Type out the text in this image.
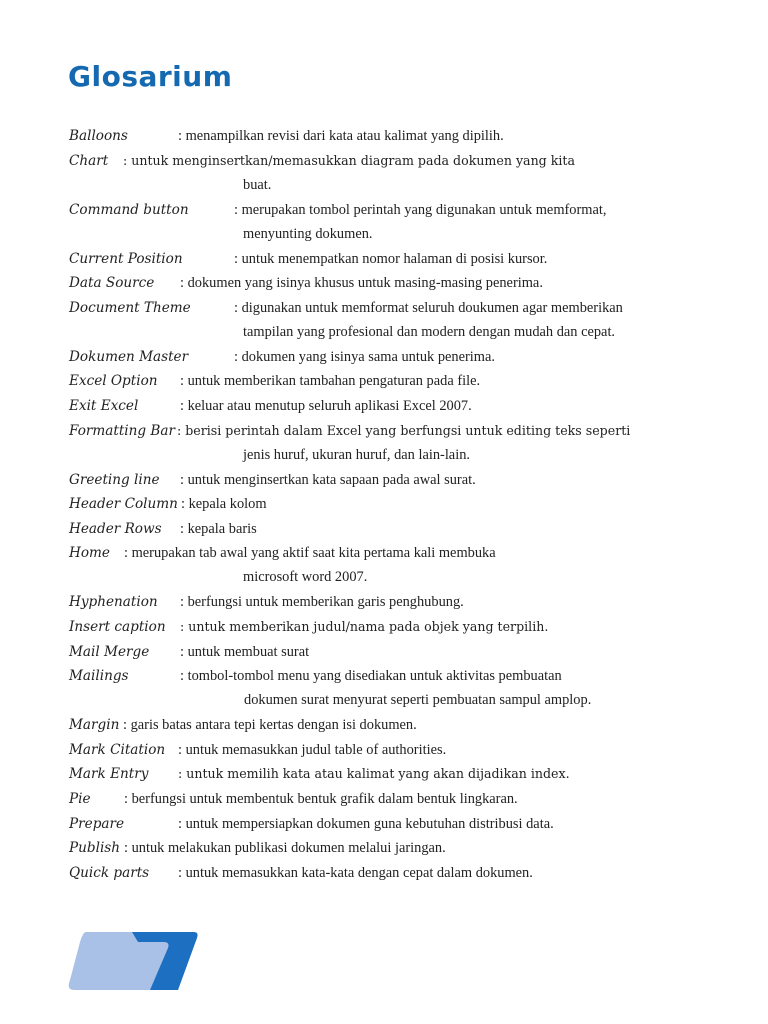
Glosarium
Balloons	: menampilkan revisi dari kata atau kalimat yang dipilih.
Chart : untuk menginsertkan/memasukkan diagram pada dokumen yang kita
buat.
Command button	: merupakan tombol perintah yang digunakan untuk memformat,
menyunting dokumen.
Current Position	: untuk menempatkan nomor halaman di posisi kursor.
Data Source : dokumen yang isinya khusus untuk masing-masing penerima.
Document Theme	: digunakan untuk memformat seluruh doukumen agar memberikan
tampilan yang profesional dan modern dengan mudah dan cepat.
Dokumen Master	: dokumen yang isinya sama untuk penerima.
Excel Option : untuk memberikan tambahan pengaturan pada file.
Exit Excel	: keluar atau menutup seluruh aplikasi Excel 2007.
Formatting Bar : berisi perintah dalam Excel yang berfungsi untuk editing teks seperti
jenis huruf, ukuran huruf, dan lain-lain.
Greeting line : untuk menginsertkan kata sapaan pada awal surat.
Header Column : kepala kolom
Header Rows : kepala baris
Home : merupakan tab awal yang aktif saat kita pertama kali membuka
microsoft word 2007.
Hyphenation : berfungsi untuk memberikan garis penghubung.
Insert caption : untuk memberikan judul/nama pada objek yang terpilih.
Mail Merge : untuk membuat surat
Mailings	: tombol-tombol menu yang disediakan untuk aktivitas pembuatan
dokumen surat menyurat seperti pembuatan sampul amplop.
Margin : garis batas antara tepi kertas dengan isi dokumen.
Mark Citation : untuk memasukkan judul table of authorities.
Mark Entry : untuk memilih kata atau kalimat yang akan dijadikan index.
Pie : berfungsi untuk membentuk bentuk grafik dalam bentuk lingkaran.
Prepare	: untuk mempersiapkan dokumen guna kebutuhan distribusi data.
Publish : untuk melakukan publikasi dokumen melalui jaringan.
Quick parts : untuk memasukkan kata-kata dengan cepat dalam dokumen.
